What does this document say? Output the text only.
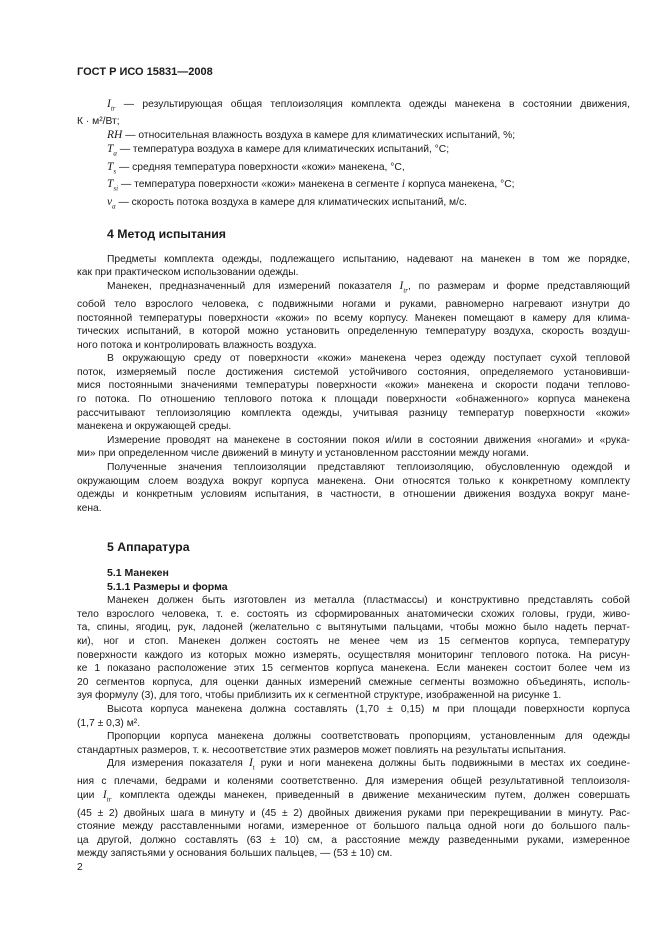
ГОСТ Р ИСО 15831—2008
$I_{tr}$ — результирующая общая теплоизоляция комплекта одежды манекена в состоянии движения,
К · м²/Вт;
RH — относительная влажность воздуха в камере для климатических испытаний, %;
$T_a$ — температура воздуха в камере для климатических испытаний, °С;
$T_s$ — средняя температура поверхности «кожи» манекена, °С,
$T_{si}$ — температура поверхности «кожи» манекена в сегменте i корпуса манекена, °С;
$v_a$ — скорость потока воздуха в камере для климатических испытаний, м/с.
4 Метод испытания
Предметы комплекта одежды, подлежащего испытанию, надевают на манекен в том же порядке,
как при практическом использовании одежды.
Манекен, предназначенный для измерений показателя $I_{tr}$, по размерам и форме представляющий
собой тело взрослого человека, с подвижными ногами и руками, равномерно нагревают изнутри до
постоянной температуры поверхности «кожи» по всему корпусу. Манекен помещают в камеру для клима-
тических испытаний, в которой можно установить определенную температуру воздуха, скорость воздуш-
ного потока и контролировать влажность воздуха.
В окружающую среду от поверхности «кожи» манекена через одежду поступает сухой тепловой
поток, измеряемый после достижения системой устойчивого состояния, определяемого установивши-
мися постоянными значениями температуры поверхности «кожи» манекена и скорости подачи теплово-
го потока. По отношению теплового потока к площади поверхности «обнаженного» корпуса манекена
рассчитывают теплоизоляцию комплекта одежды, учитывая разницу температур поверхности «кожи»
манекена и окружающей среды.
Измерение проводят на манекене в состоянии покоя и/или в состоянии движения «ногами» и «рука-
ми» при определенном числе движений в минуту и установленном расстоянии между ногами.
Полученные значения теплоизоляции представляют теплоизоляцию, обусловленную одеждой и
окружающим слоем воздуха вокруг корпуса манекена. Они относятся только к конкретному комплекту
одежды и конкретным условиям испытания, в частности, в отношении движения воздуха вокруг мане-
кена.
5 Аппаратура
5.1 Манекен
5.1.1 Размеры и форма
Манекен должен быть изготовлен из металла (пластмассы) и конструктивно представлять собой
тело взрослого человека, т. е. состоять из сформированных анатомически схожих головы, груди, живо-
та, спины, ягодиц, рук, ладоней (желательно с вытянутыми пальцами, чтобы можно было надеть перчат-
ки), ног и стоп. Манекен должен состоять не менее чем из 15 сегментов корпуса, температуру
поверхности каждого из которых можно измерять, осуществляя мониторинг теплового потока. На рисун-
ке 1 показано расположение этих 15 сегментов корпуса манекена. Если манекен состоит более чем из
20 сегментов корпуса, для оценки данных измерений смежные сегменты возможно объединять, исполь-
зуя формулу (3), для того, чтобы приблизить их к сегментной структуре, изображенной на рисунке 1.
Высота корпуса манекена должна составлять (1,70 ± 0,15) м при площади поверхности корпуса
(1,7 ± 0,3) м².
Пропорции корпуса манекена должны соответствовать пропорциям, установленным для одежды
стандартных размеров, т. к. несоответствие этих размеров может повлиять на результаты испытания.
Для измерения показателя $I_t$ руки и ноги манекена должны быть подвижными в местах их соедине-
ния с плечами, бедрами и коленями соответственно. Для измерения общей результативной теплоизоля-
ции $I_{tr}$ комплекта одежды манекен, приведенный в движение механическим путем, должен совершать
(45 ± 2) двойных шага в минуту и (45 ± 2) двойных движения руками при перекрещивании в минуту. Рас-
стояние между расставленными ногами, измеренное от большого пальца одной ноги до большого паль-
ца другой, должно составлять (63 ± 10) см, а расстояние между разведенными руками, измеренное
между запястьями у основания больших пальцев, — (53 ± 10) см.
2
